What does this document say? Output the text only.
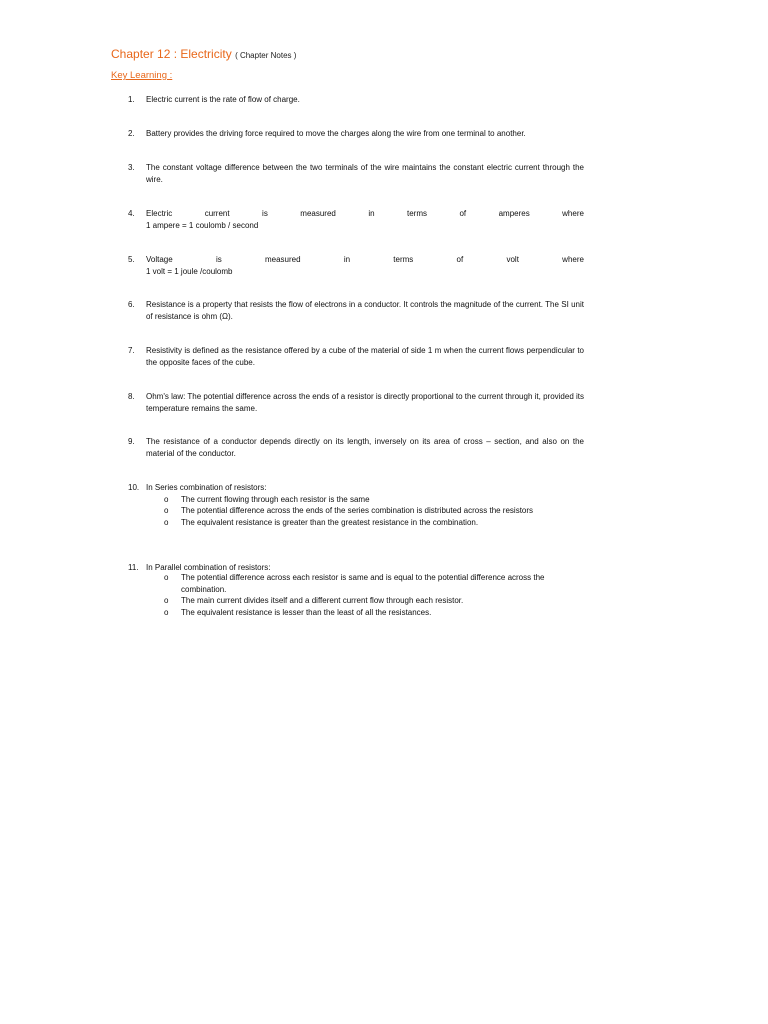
Chapter 12 : Electricity ( Chapter Notes )
Key Learning :
1.	Electric current is the rate of flow of charge.
2.	Battery provides the driving force required to move the charges along the wire from one terminal to another.
3.	The constant voltage difference between the two terminals of the wire maintains the constant electric current through the wire.
4.	Electric	current	is	measured	in	terms	of	amperes	where
1 ampere = 1 coulomb / second
5.	Voltage	is	measured	in	terms	of	volt	where
1 volt = 1 joule /coulomb
6.	Resistance is a property that resists the flow of electrons in a conductor. It controls the magnitude of the current. The SI unit of resistance is ohm (Ω).
7.	Resistivity is defined as the resistance offered by a cube of the material of side 1 m when the current flows perpendicular to the opposite faces of the cube.
8.	Ohm's law: The potential difference across the ends of a resistor is directly proportional to the current through it, provided its temperature remains the same.
9.	The resistance of a conductor depends directly on its length, inversely on its area of cross – section, and also on the material of the conductor.
10. In Series combination of resistors:
o The current flowing through each resistor is the same
o The potential difference across the ends of the series combination is distributed across the resistors
o The equivalent resistance is greater than the greatest resistance in the combination.
11. In Parallel combination of resistors:
o The potential difference across each resistor is same and is equal to the potential difference across the combination.
o The main current divides itself and a different current flow through each resistor.
o The equivalent resistance is lesser than the least of all the resistances.
